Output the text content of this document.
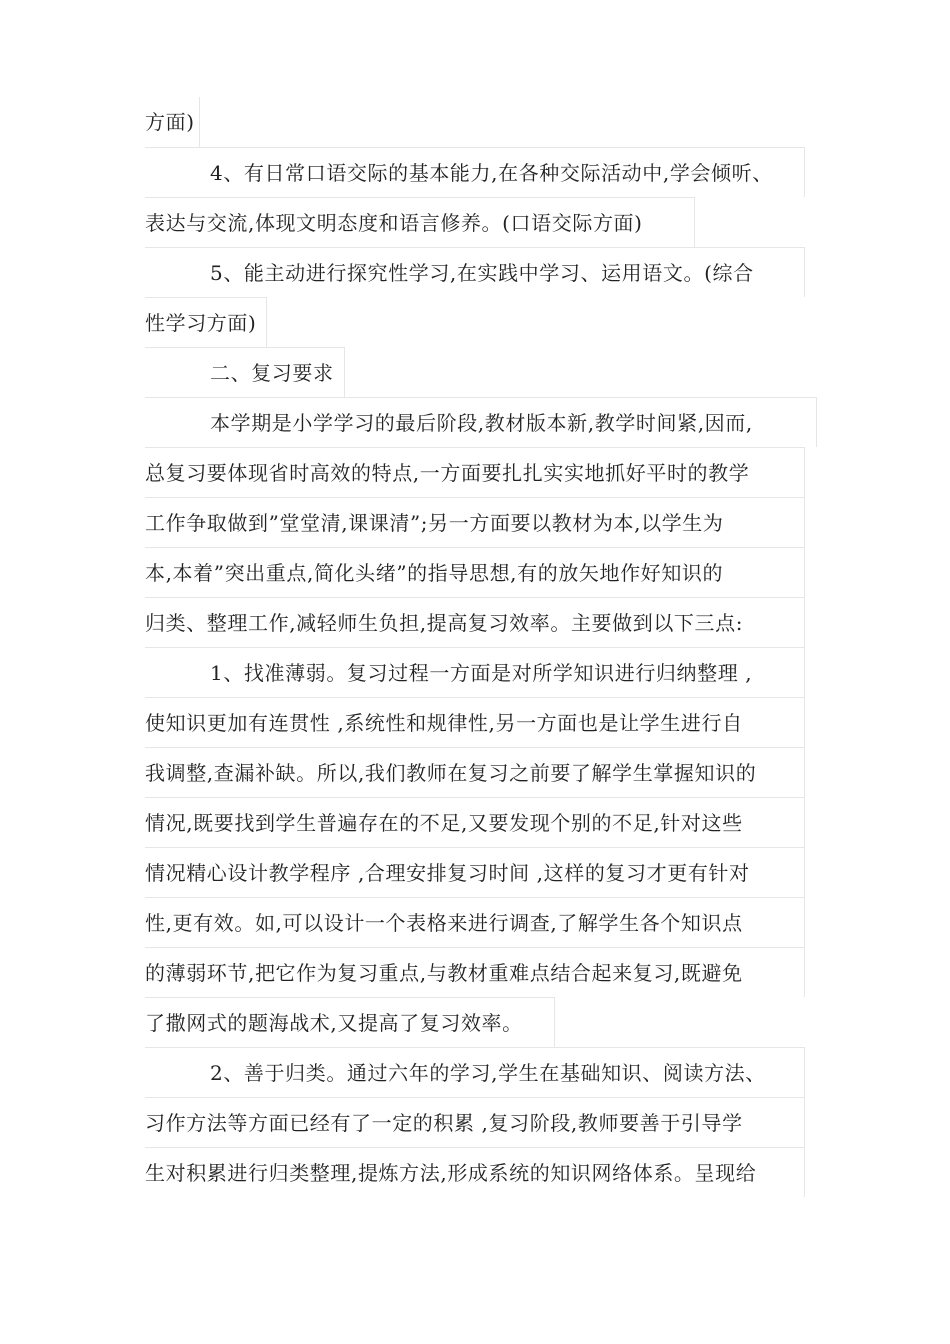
方面)
4、有日常口语交际的基本能力,在各种交际活动中,学会倾听、
表达与交流,体现文明态度和语言修养。(口语交际方面)
5、能主动进行探究性学习,在实践中学习、运用语文。(综合
性学习方面)
二、复习要求
本学期是小学学习的最后阶段,教材版本新,教学时间紧,因而,
总复习要体现省时高效的特点,一方面要扎扎实实地抓好平时的教学
工作争取做到”堂堂清,课课清”;另一方面要以教材为本,以学生为
本,本着”突出重点,简化头绪”的指导思想,有的放矢地作好知识的
归类、整理工作,减轻师生负担,提高复习效率。主要做到以下三点:
1、找准薄弱。复习过程一方面是对所学知识进行归纳整理 ,
使知识更加有连贯性 ,系统性和规律性,另一方面也是让学生进行自
我调整,查漏补缺。所以,我们教师在复习之前要了解学生掌握知识的
情况,既要找到学生普遍存在的不足,又要发现个别的不足,针对这些
情况精心设计教学程序 ,合理安排复习时间 ,这样的复习才更有针对
性,更有效。如,可以设计一个表格来进行调查,了解学生各个知识点
的薄弱环节,把它作为复习重点,与教材重难点结合起来复习,既避免
了撒网式的题海战术,又提高了复习效率。
2、善于归类。通过六年的学习,学生在基础知识、阅读方法、
习作方法等方面已经有了一定的积累 ,复习阶段,教师要善于引导学
生对积累进行归类整理,提炼方法,形成系统的知识网络体系。呈现给
